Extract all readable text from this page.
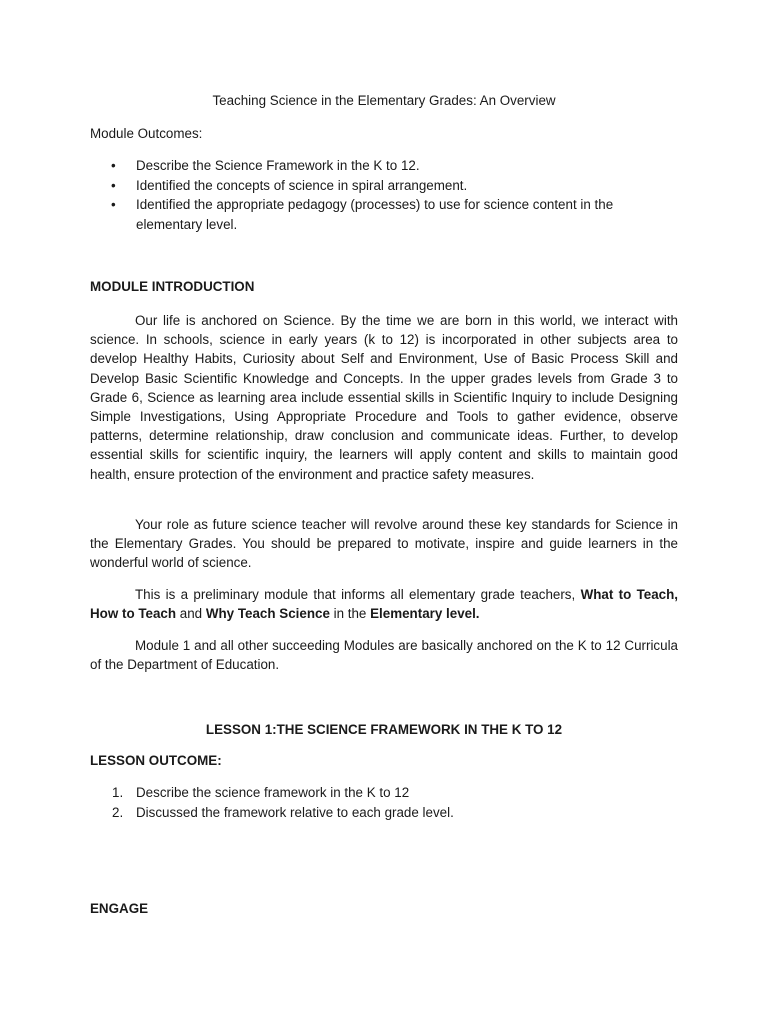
Teaching Science in the Elementary Grades: An Overview
Module Outcomes:
• Describe the Science Framework in the K to 12.
• Identified the concepts of science in spiral arrangement.
• Identified the appropriate pedagogy (processes) to use for science content in the elementary level.
MODULE INTRODUCTION

Our life is anchored on Science. By the time we are born in this world, we interact with science. In schools, science in early years (k to 12) is incorporated in other subjects area to develop Healthy Habits, Curiosity about Self and Environment, Use of Basic Process Skill and Develop Basic Scientific Knowledge and Concepts. In the upper grades levels from Grade 3 to Grade 6, Science as learning area include essential skills in Scientific Inquiry to include Designing Simple Investigations, Using Appropriate Procedure and Tools to gather evidence, observe patterns, determine relationship, draw conclusion and communicate ideas. Further, to develop essential skills for scientific inquiry, the learners will apply content and skills to maintain good health, ensure protection of the environment and practice safety measures.

Your role as future science teacher will revolve around these key standards for Science in the Elementary Grades. You should be prepared to motivate, inspire and guide learners in the wonderful world of science.

This is a preliminary module that informs all elementary grade teachers, What to Teach, How to Teach and Why Teach Science in the Elementary level.

Module 1 and all other succeeding Modules are basically anchored on the K to 12 Curricula of the Department of Education.

LESSON 1:THE SCIENCE FRAMEWORK IN THE K TO 12
LESSON OUTCOME:
1. Describe the science framework in the K to 12
2. Discussed the framework relative to each grade level.
ENGAGE
